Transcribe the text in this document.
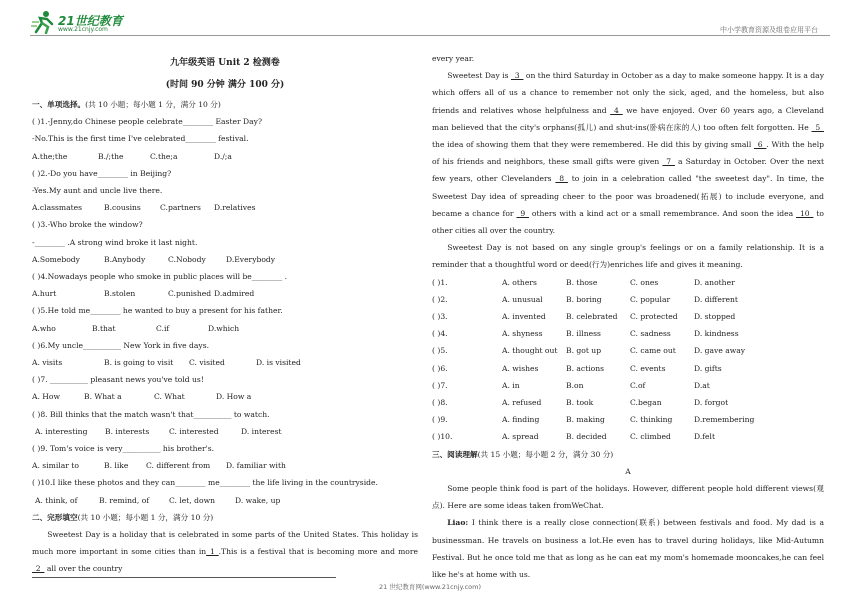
21世纪教育
www.21cnjy.com	中小学教育资源及组卷应用平台

九年级英语 Unit 2 检测卷

(时间 90 分钟 满分 100 分)

一、单项选择。(共 10 小题；每小题 1 分，满分 10 分)

( )1.-Jenny,do Chinese people celebrate________ Easter Day?

-No.This is the first time I've celebrated________ festival.

A.the;the	B./;the	C.the;a	D./;a

( )2.-Do you have________ in Beijing?

-Yes.My aunt and uncle live there.

A.classmates	B.cousins	C.partners	D.relatives

( )3.-Who broke the window?

-________ .A strong wind broke it last night.

A.Somebody	B.Anybody	C.Nobody	D.Everybody

( )4.Nowadays people who smoke in public places will be________ .

A.hurt	B.stolen	C.punished D.admired

( )5.He told me________ he wanted to buy a present for his father.

A.who	B.that	C.if	D.which

( )6.My uncle__________ New York in five days.

A. visits	B. is going to visit	C. visited	D. is visited

( )7. __________ pleasant news you've told us!

A. How	B. What a	C. What	D. How a

( )8. Bill thinks that the match wasn't that__________ to watch.

A. interesting	B. interests	C. interested	D. interest

( )9. Tom's voice is very__________ his brother's.

A. similar to	B. like	C. different from	D. familiar with

( )10.I like these photos and they can________ me________ the life living in the countryside.

A. think, of	B. remind, of	C. let, down	D. wake, up

二、完形填空(共 10 小题；每小题 1 分，满分 10 分)

Sweetest Day is a holiday that is celebrated in some parts of the United States. This holiday is much more important in some cities than in_1_.This is a festival that is becoming more and more _2_ all over the country

every year.

Sweetest Day is _3_ on the third Saturday in October as a day to make someone happy. It is a day which offers all of us a chance to remember not only the sick, aged, and the homeless, but also friends and relatives whose helpfulness and _4_ we have enjoyed. Over 60 years ago, a Cleveland man believed that the city's orphans(孤儿) and shut-ins(卧病在床的人) too often felt forgotten. He _5_ the idea of showing them that they were remembered. He did this by giving small _6_. With the help of his friends and neighbors, these small gifts were given _7_ a Saturday in October. Over the next few years, other Clevelanders _8_ to join in a celebration called "the sweetest day". In time, the Sweetest Day idea of spreading cheer to the poor was broadened(拓展) to include everyone, and became a chance for _9_ others with a kind act or a small remembrance. And soon the idea _10_ to other cities all over the country.

Sweetest Day is not based on any single group's feelings or on a family relationship. It is a reminder that a thoughtful word or deed(行为)enriches life and gives it meaning.

( )1.	A. others	B. those	C. ones	D. another

( )2.	A. unusual	B. boring	C. popular	D. different

( )3.	A. invented	B. celebrated	C. protected	D. stopped

( )4.	A. shyness	B. illness	C. sadness	D. kindness

( )5.	A. thought out	B. got up	C. came out	D. gave away

( )6.	A. wishes	B. actions	C. events	D. gifts

( )7.	A. in	B.on	C.of	D.at

( )8.	A. refused	B. took	C.began	D. forgot

( )9.	A. finding	B. making	C. thinking	D.remembering

( )10.	A. spread	B. decided	C. climbed	D.felt

三、阅读理解(共 15 小题；每小题 2 分，满分 30 分)

A

Some people think food is part of the holidays. However, different people hold different views(观点). Here are some ideas taken fromWeChat.

Liao: I think there is a really close connection(联系) between festivals and food. My dad is a businessman. He travels on business a lot.He even has to travel during holidays, like Mid-Autumn Festival. But he once told me that as long as he can eat my mom's homemade mooncakes,he can feel like he's at home with us.

21 世纪教育网(www.21cnjy.com)
